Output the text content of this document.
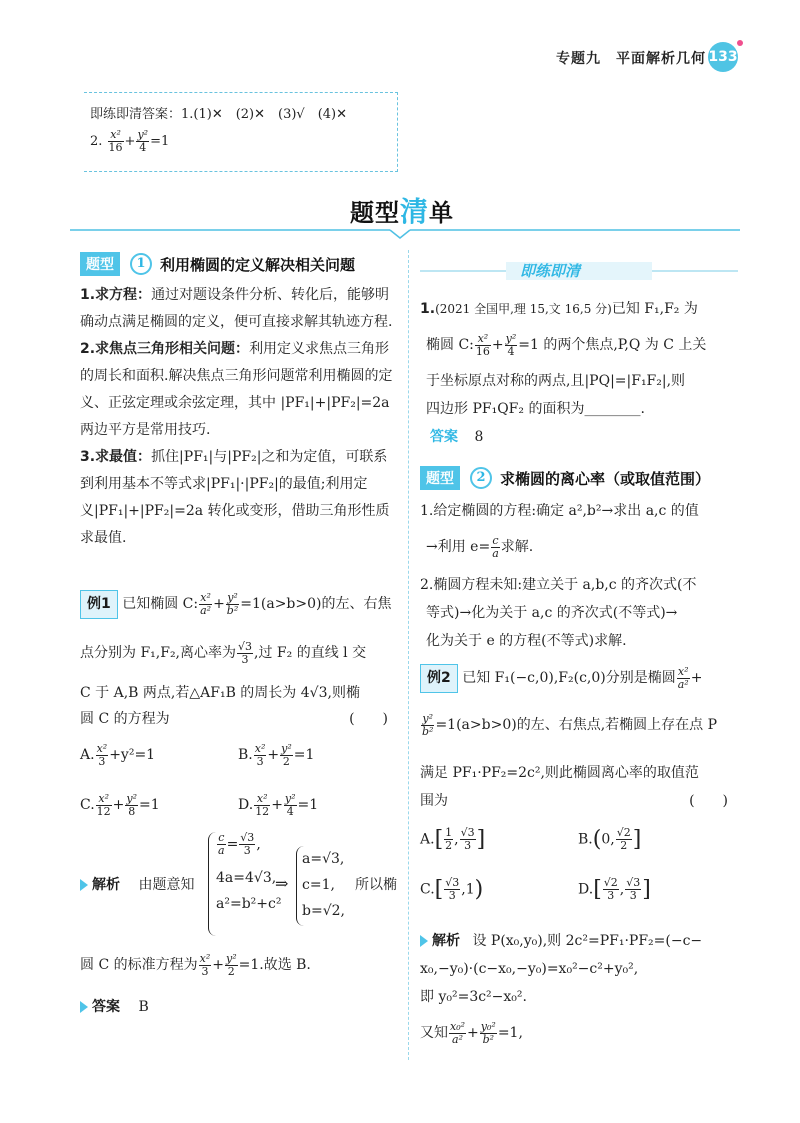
专题九　平面解析几何 133
即练即清答案：1.(1)✕　(2)✕　(3)√　(4)✕
2. $\frac{\text{x²}}{16} + \frac{\text{y²}}{4} =1$
题型清单
题型	1 利用椭圆的定义解决相关问题
1.求方程：通过对题设条件分析、转化后，能够明确动点满足椭圆的定义，便可直接求解其轨迹方程.
2.求焦点三角形相关问题：利用定义求焦点三角形的周长和面积.解决焦点三角形问题常利用椭圆的定义、正弦定理或余弦定理，其中 |PF₁|+|PF₂|=2a 两边平方是常用技巧.
3.求最值：抓住|PF₁|与|PF₂|之和为定值，可联系到利用基本不等式求|PF₁|·|PF₂|的最值;利用定义|PF₁|+|PF₂|=2a 转化或变形，借助三角形性质求最值.
例1 已知椭圆 C: $\frac{\text{x²}}{\text{a²}} + \frac{\text{y²}}{\text{b²}} =1(a>b>0)$的左、右焦
点分别为 F₁,F₂,离心率为 $\frac{√3}{3}$ ,过 F₂ 的直线 l 交
C 于 A,B 两点,若△AF₁B 的周长为 4√3,则椭
圆 C 的方程为	(　　)
A. $\frac{\text{x²}}{3} +y^2=1$	B. $\frac{\text{x²}}{3} + \frac{\text{y²}}{2} =1$
C. $\frac{\text{x²}}{12} + \frac{\text{y²}}{8} =1$	D. $\frac{\text{x²}}{12} + \frac{\text{y²}}{4} =1$
解析 由题意知
$\frac{c}{a} = \frac{√3}{3}$ ,
4a=4√3,
a²=b²+c²
⇒
a=√3,
c=1,
b=√2,
所以椭
圆 C 的标准方程为 $\frac{\text{x²}}{3} + \frac{\text{y²}}{2} =1$.故选 B.
答案 B
即练即清
1.(2021 全国甲,理 15,文 16,5 分)已知 F₁,F₂ 为
椭圆 C: $\frac{\text{x²}}{16} + \frac{\text{y²}}{4} =1$ 的两个焦点,P,Q 为 C 上关
于坐标原点对称的两点,且|PQ|=|F₁F₂|,则
四边形 PF₁QF₂ 的面积为________.
答案 8
题型	2 求椭圆的离心率（或取值范围）
1.给定椭圆的方程:确定 a²,b²→求出 a,c 的值
→利用 $e= \frac{c}{a}$ 求解.
2.椭圆方程未知:建立关于 a,b,c 的齐次式(不
等式)→化为关于 a,c 的齐次式(不等式)→
化为关于 e 的方程(不等式)求解.
例2 已知 F₁(−c,0),F₂(c,0)分别是椭圆 $\frac{\text{x²}}{\text{a²}}$ +
$\frac{\text{y²}}{\text{b²}} =1(a>b>0)$的左、右焦点,若椭圆上存在点 P
满足 PF₁·PF₂=2c²,则此椭圆离心率的取值范
围为	(　　)
$A.[ \frac{1}{2}$ , $\frac{√3}{3}$ ]	B.(0, $\frac{√2}{2}$ ]
$C.[ \frac{√3}{3} ,1)$	$D.[ \frac{√2}{3}$ , $\frac{√3}{3}$ ]
解析 设 P(x₀,y₀),则 2c²=PF₁·PF₂=(−c−
x₀,−y₀)·(c−x₀,−y₀)=x₀²−c²+y₀²,
即 y₀²=3c²−x₀².
又知 $\frac{\text{x₀²}}{\text{a²}} + \frac{\text{y₀²}}{\text{b²}} =1$,
